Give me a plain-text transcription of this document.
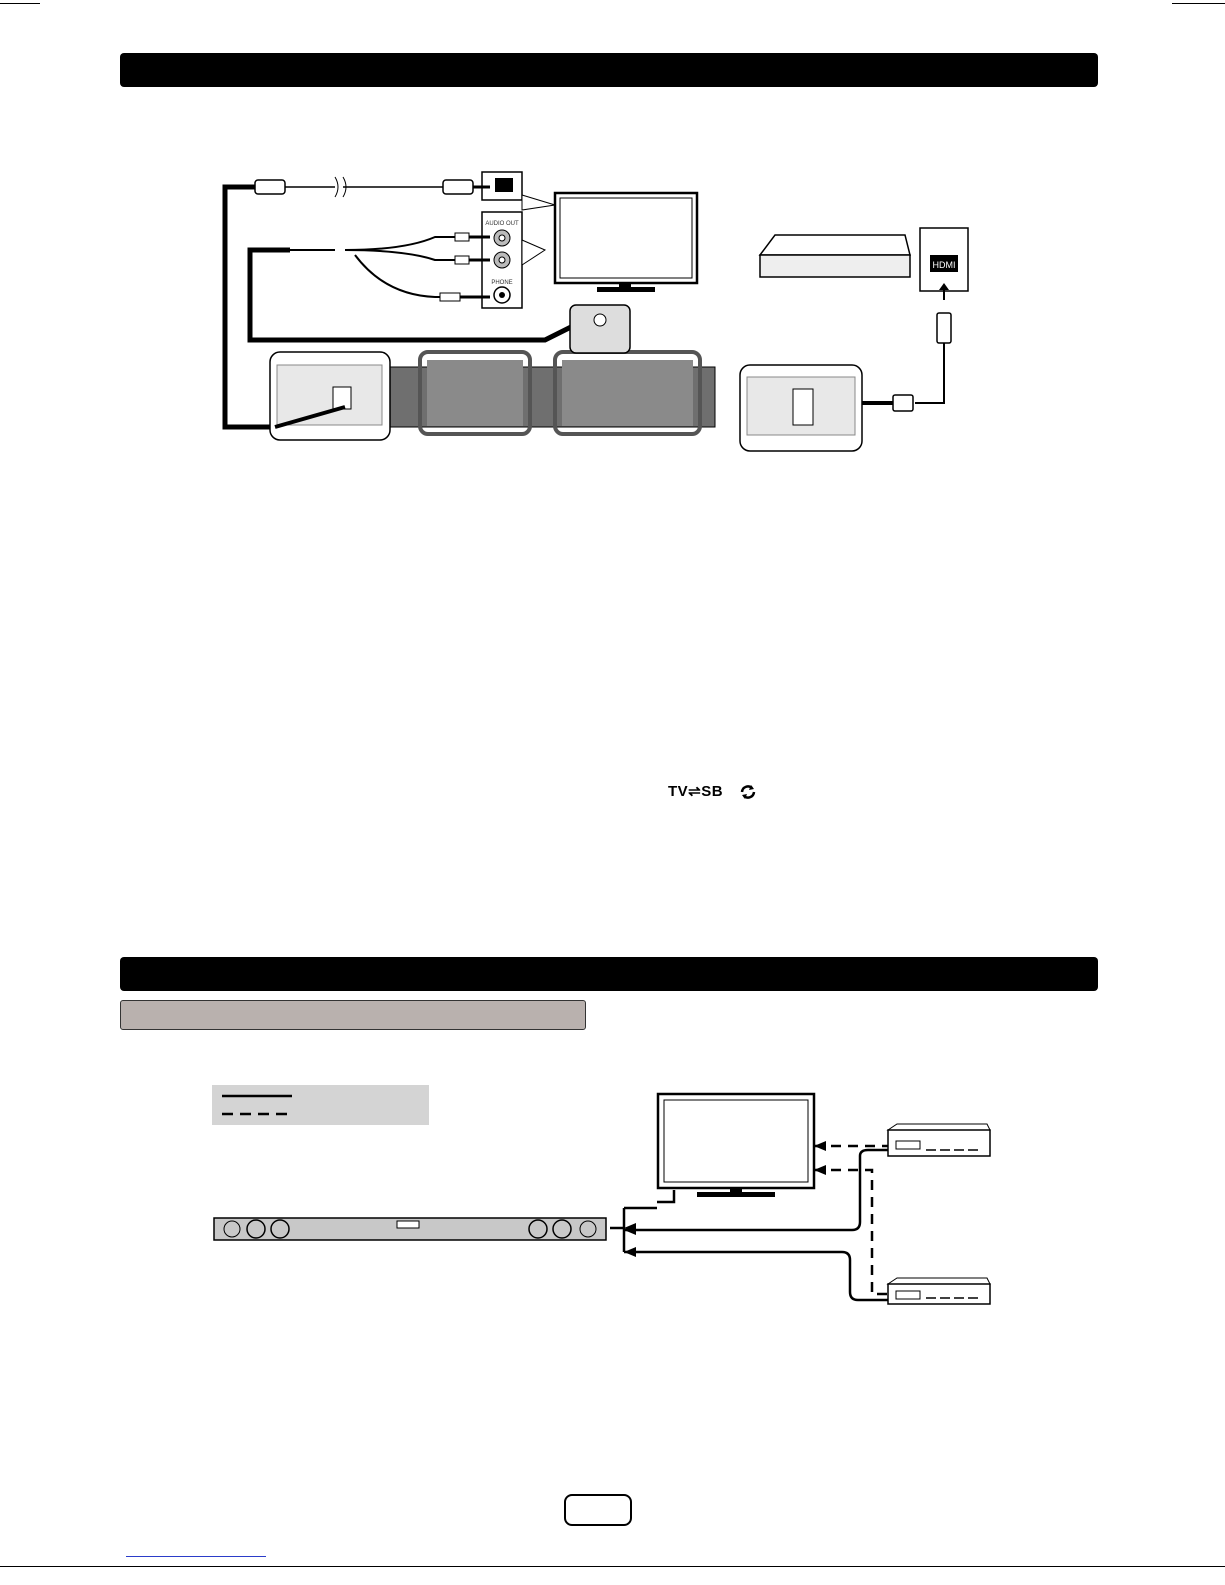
AUDIO OUT
PHONE
HDMI
TV⇌SB
